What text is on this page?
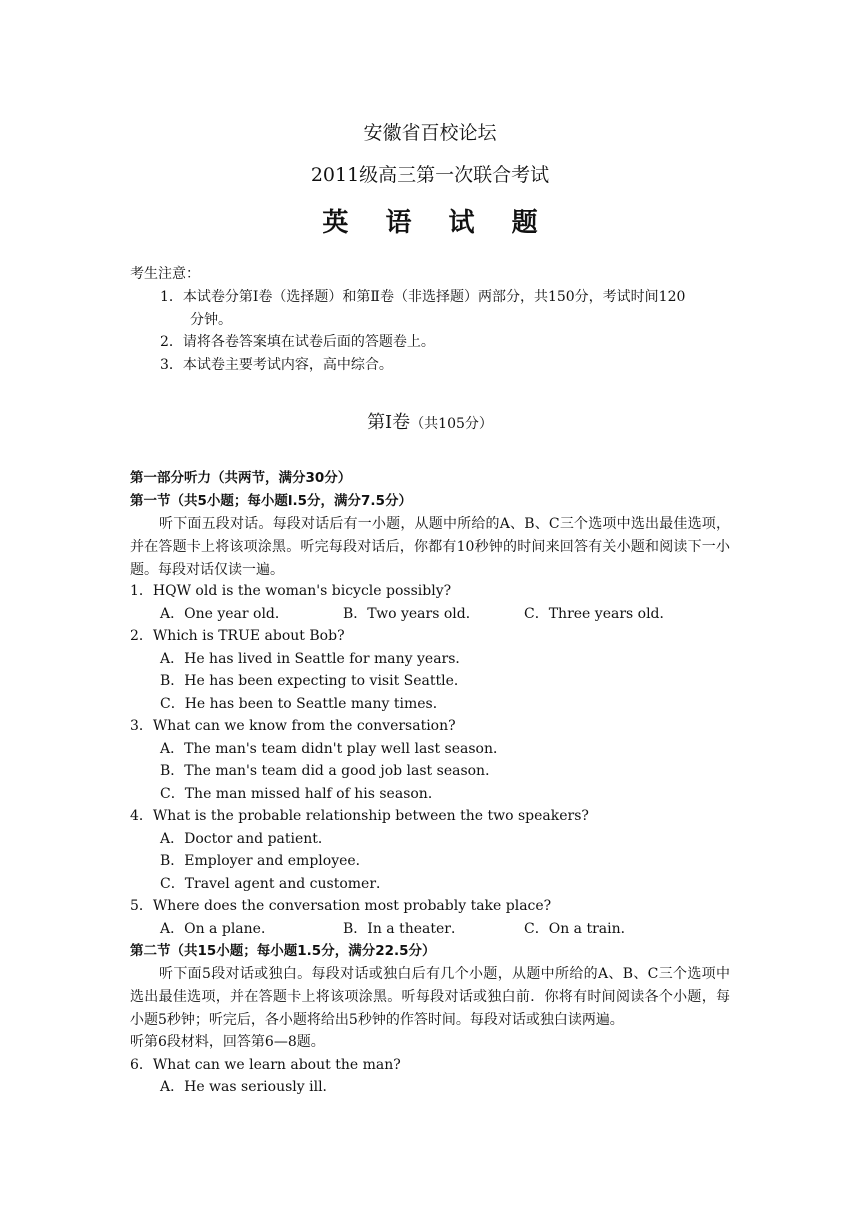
安徽省百校论坛
2011级高三第一次联合考试
英 语 试 题
考生注意：
1．本试卷分第Ⅰ卷（选择题）和第Ⅱ卷（非选择题）两部分，共150分，考试时间120
分钟。
2．请将各卷答案填在试卷后面的答题卷上。
3．本试卷主要考试内容，高中综合。
第Ⅰ卷（共105分）
第一部分听力（共两节，满分30分）
第一节（共5小题；每小题l.5分，满分7.5分）
听下面五段对话。每段对话后有一小题，从题中所给的A、B、C三个选项中选出最佳选项，并在答题卡上将该项涂黑。听完每段对话后，你都有10秒钟的时间来回答有关小题和阅读下一小题。每段对话仅读一遍。
1．HQW old is the woman's bicycle possibly?
A．One year old．	B．Two years old．	C．Three years old．
2．Which is TRUE about Bob?
A．He has lived in Seattle for many years．
B．He has been expecting to visit Seattle．
C．He has been to Seattle many times．
3．What can we know from the conversation?
A．The man's team didn't play well last season．
B．The man's team did a good job last season．
C．The man missed half of his season．
4．What is the probable relationship between the two speakers?
A．Doctor and patient．
B．Employer and employee．
C．Travel agent and customer．
5．Where does the conversation most probably take place?
A．On a plane．	B．In a theater．	C．On a train．
第二节（共15小题；每小题1.5分，满分22.5分）
听下面5段对话或独白。每段对话或独白后有几个小题，从题中所给的A、B、C三个选项中选出最佳选项，并在答题卡上将该项涂黑。听每段对话或独白前．你将有时间阅读各个小题，每小题5秒钟；听完后，各小题将给出5秒钟的作答时间。每段对话或独白读两遍。
听第6段材料，回答第6—8题。
6．What can we learn about the man?
A．He was seriously ill．
